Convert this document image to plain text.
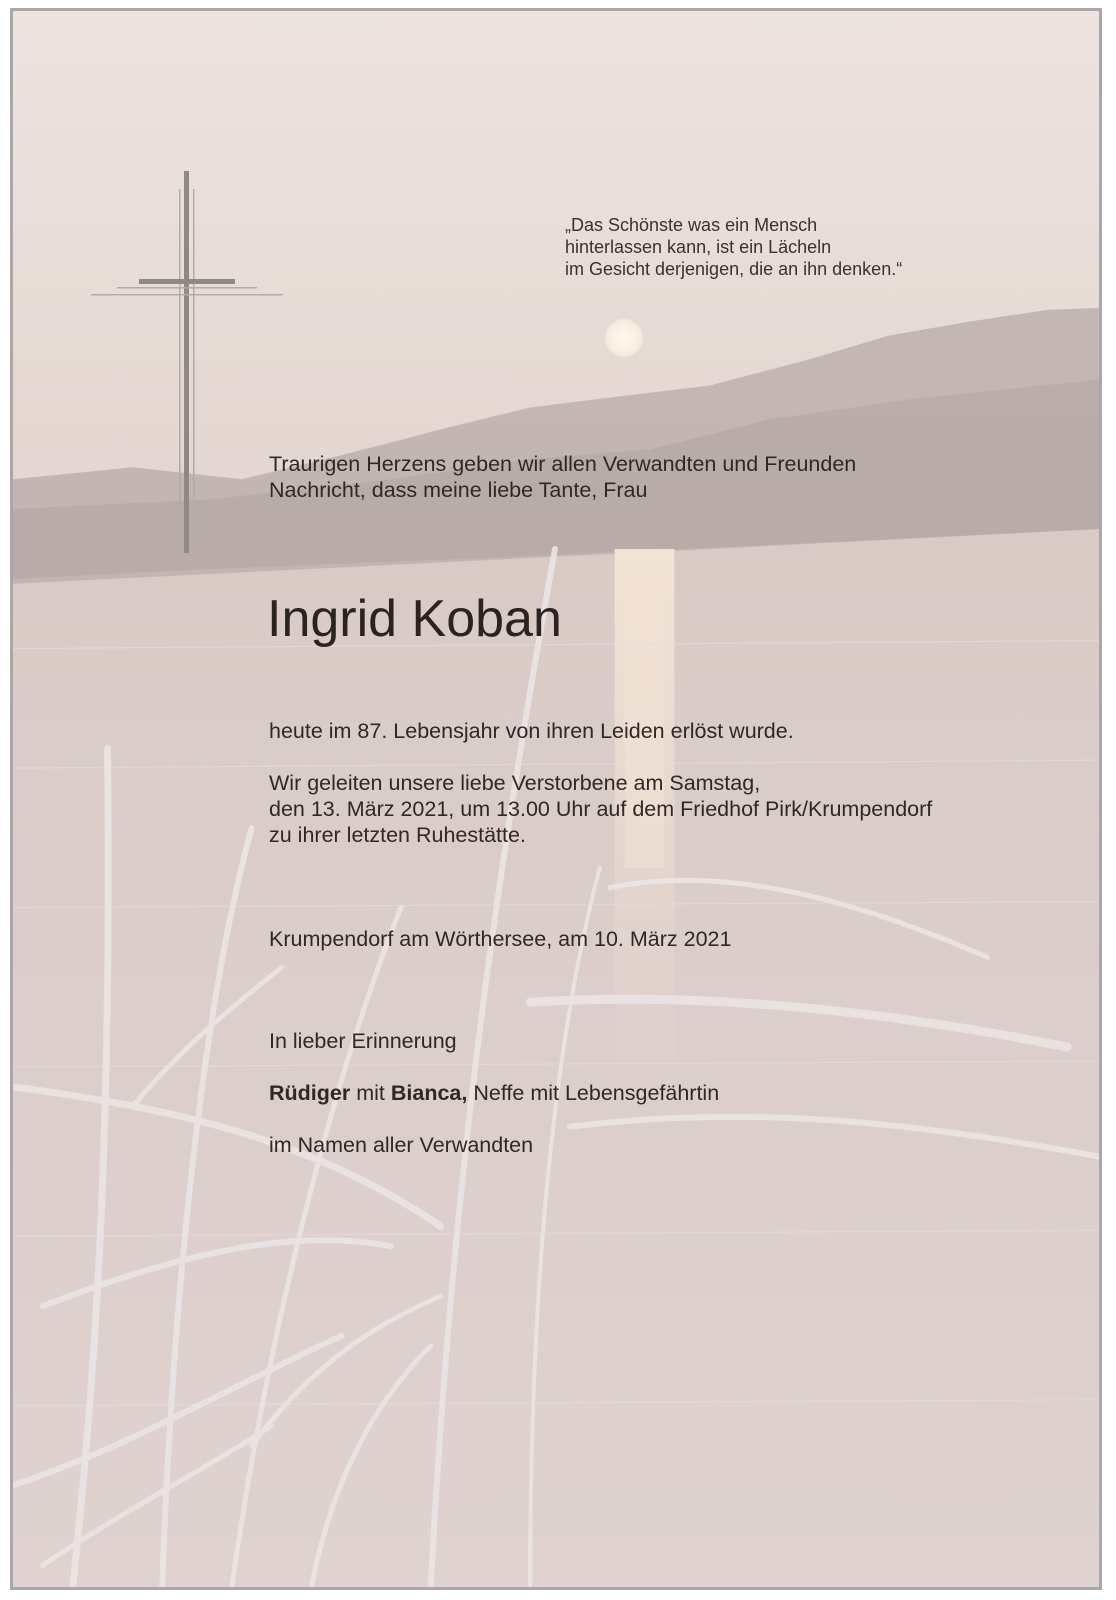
„Das Schönste was ein Mensch
hinterlassen kann, ist ein Lächeln
im Gesicht derjenigen, die an ihn denken.“
Traurigen Herzens geben wir allen Verwandten und Freunden
Nachricht, dass meine liebe Tante, Frau
Ingrid Koban
heute im 87. Lebensjahr von ihren Leiden erlöst wurde.
Wir geleiten unsere liebe Verstorbene am Samstag,
den 13. März 2021, um 13.00 Uhr auf dem Friedhof Pirk/Krumpendorf
zu ihrer letzten Ruhestätte.
Krumpendorf am Wörthersee, am 10. März 2021
In lieber Erinnerung
Rüdiger mit Bianca, Neffe mit Lebensgefährtin
im Namen aller Verwandten
